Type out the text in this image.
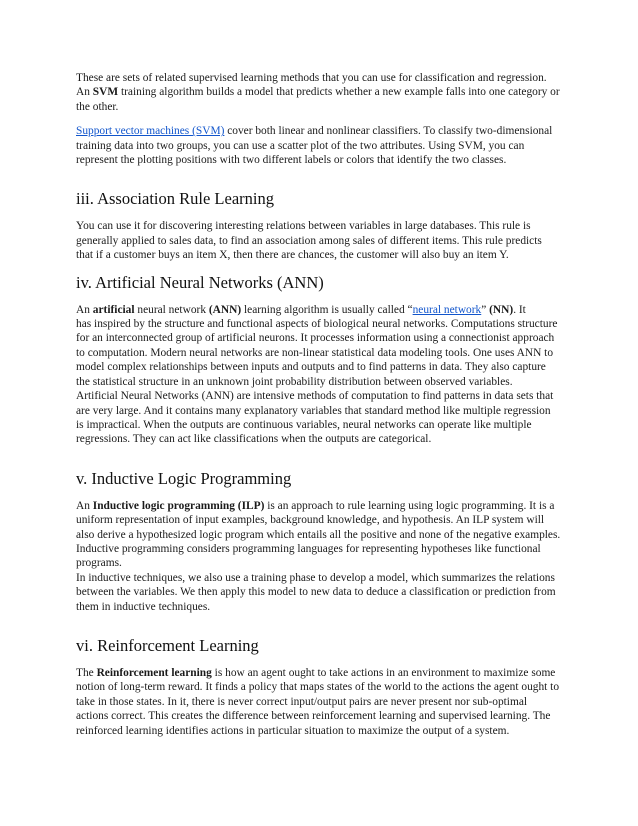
These are sets of related supervised learning methods that you can use for classification and regression.
An SVM training algorithm builds a model that predicts whether a new example falls into one category or
the other.

Support vector machines (SVM) cover both linear and nonlinear classifiers. To classify two-dimensional
training data into two groups, you can use a scatter plot of the two attributes. Using SVM, you can
represent the plotting positions with two different labels or colors that identify the two classes.

iii. Association Rule Learning

You can use it for discovering interesting relations between variables in large databases. This rule is
generally applied to sales data, to find an association among sales of different items. This rule predicts
that if a customer buys an item X, then there are chances, the customer will also buy an item Y.

iv. Artificial Neural Networks (ANN)

An artificial neural network (ANN) learning algorithm is usually called “neural network” (NN). It
has inspired by the structure and functional aspects of biological neural networks. Computations structure
for an interconnected group of artificial neurons. It processes information using a connectionist approach
to computation. Modern neural networks are non-linear statistical data modeling tools. One uses ANN to
model complex relationships between inputs and outputs and to find patterns in data. They also capture
the statistical structure in an unknown joint probability distribution between observed variables.
Artificial Neural Networks (ANN) are intensive methods of computation to find patterns in data sets that
are very large. And it contains many explanatory variables that standard method like multiple regression
is impractical. When the outputs are continuous variables, neural networks can operate like multiple
regressions. They can act like classifications when the outputs are categorical.

v. Inductive Logic Programming

An Inductive logic programming (ILP) is an approach to rule learning using logic programming. It is a
uniform representation of input examples, background knowledge, and hypothesis. An ILP system will
also derive a hypothesized logic program which entails all the positive and none of the negative examples.
Inductive programming considers programming languages for representing hypotheses like functional
programs.
In inductive techniques, we also use a training phase to develop a model, which summarizes the relations
between the variables. We then apply this model to new data to deduce a classification or prediction from
them in inductive techniques.

vi. Reinforcement Learning

The Reinforcement learning is how an agent ought to take actions in an environment to maximize some
notion of long-term reward. It finds a policy that maps states of the world to the actions the agent ought to
take in those states. In it, there is never correct input/output pairs are never present nor sub-optimal
actions correct. This creates the difference between reinforcement learning and supervised learning. The
reinforced learning identifies actions in particular situation to maximize the output of a system.
